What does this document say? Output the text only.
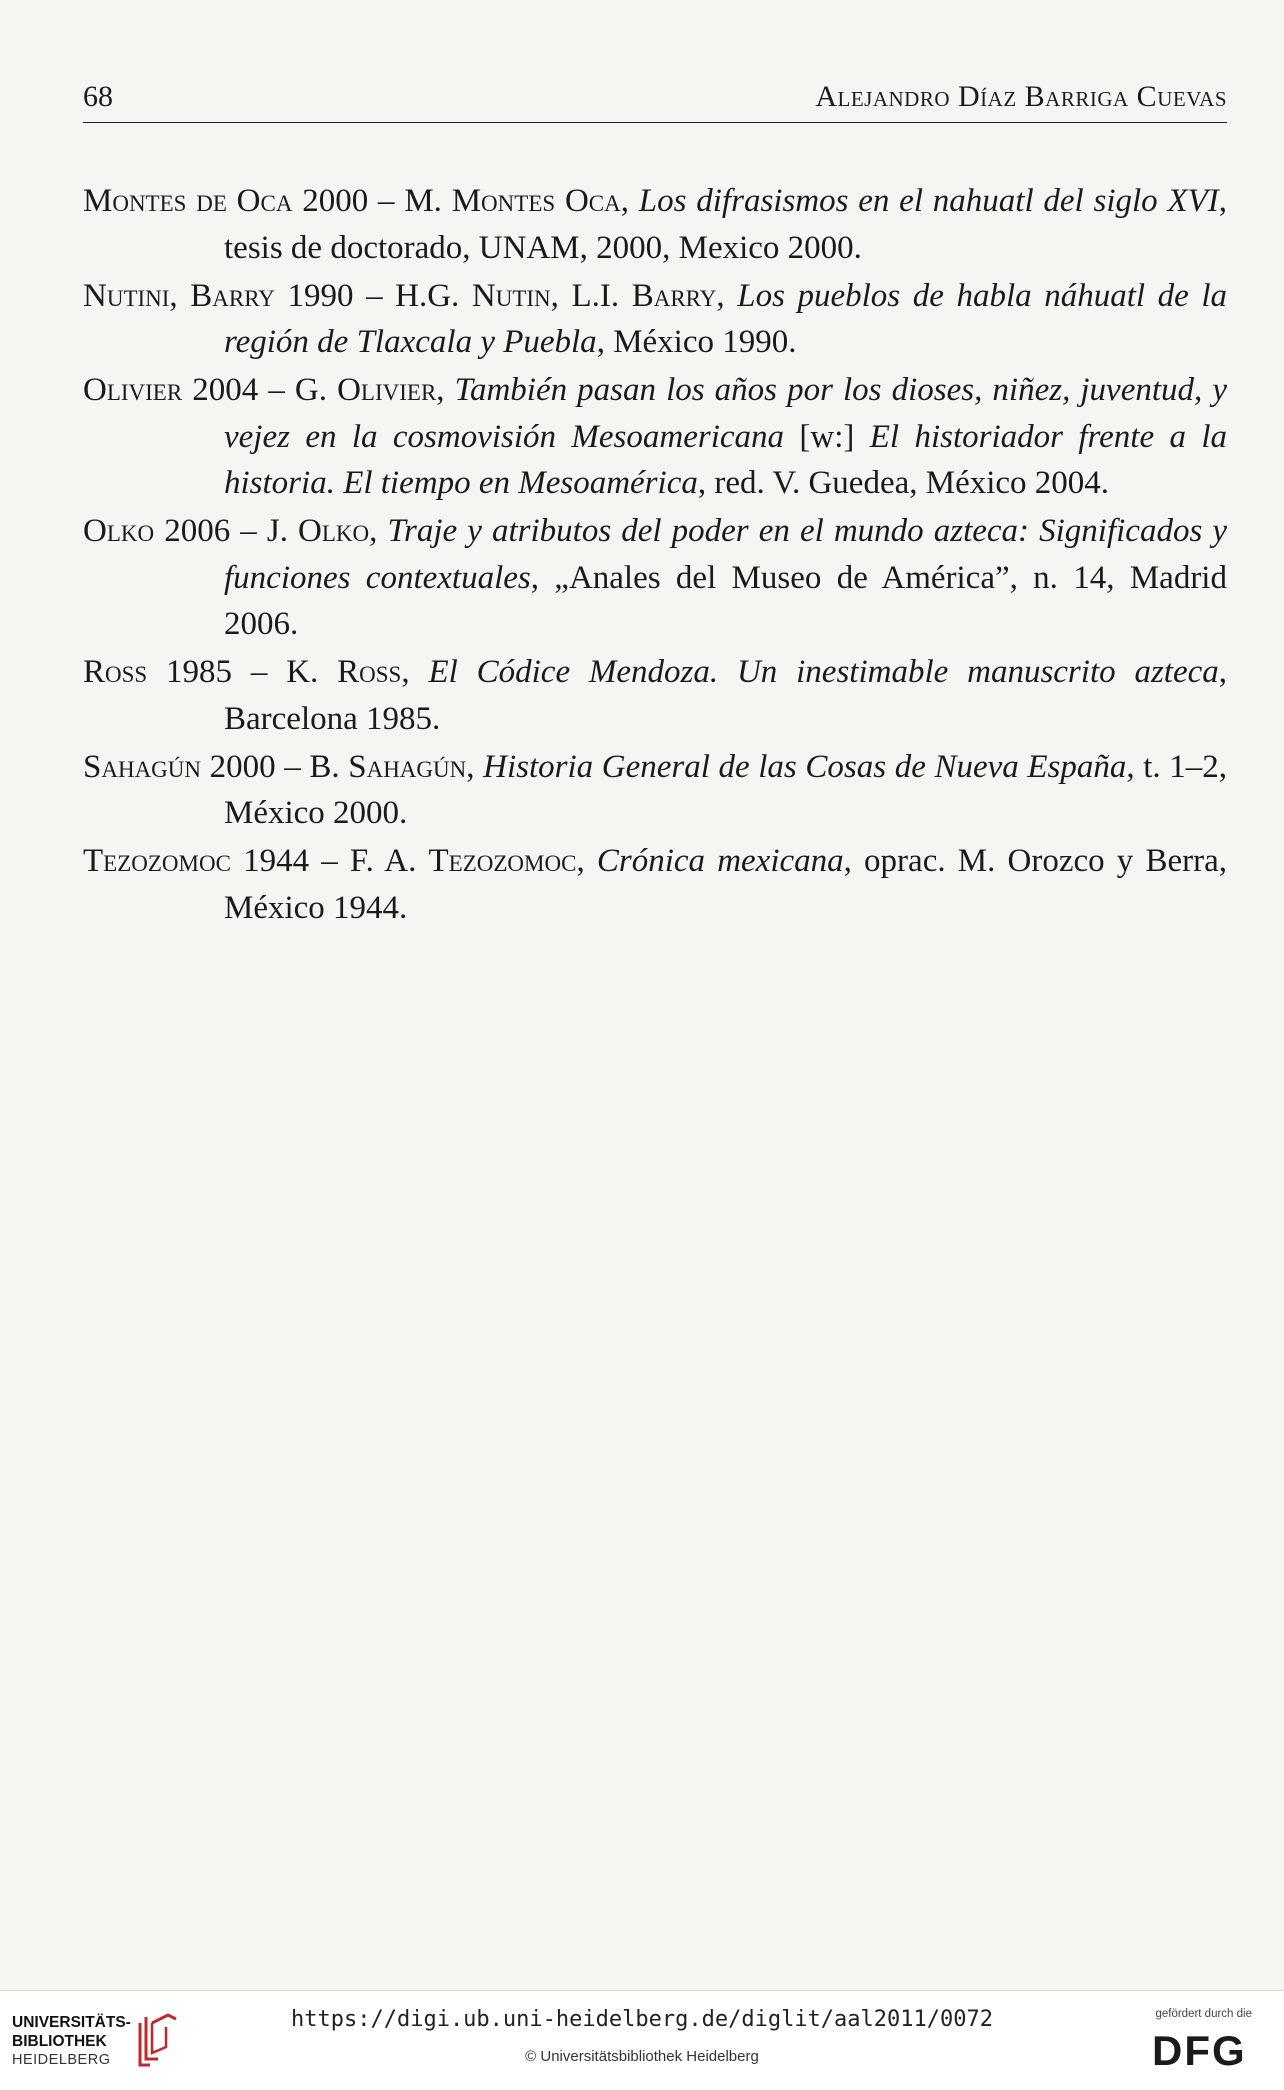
68	Alejandro Díaz Barriga Cuevas

Montes de Oca 2000 – M. Montes Oca, Los difrasismos en el nahuatl del siglo XVI, tesis de doctorado, UNAM, 2000, Mexico 2000.

Nutini, Barry 1990 – H.G. Nutin, L.I. Barry, Los pueblos de habla náhuatl de la región de Tlaxcala y Puebla, México 1990.

Olivier 2004 – G. Olivier, También pasan los años por los dioses, niñez, juventud, y vejez en la cosmovisión Mesoamericana [w:] El historiador frente a la historia. El tiempo en Mesoamérica, red. V. Guedea, México 2004.

Olko 2006 – J. Olko, Traje y atributos del poder en el mundo azteca: Significados y funciones contextuales, „Anales del Museo de América”, n. 14, Madrid 2006.

Ross 1985 – K. Ross, El Códice Mendoza. Un inestimable manuscrito azteca, Barcelona 1985.

Sahagún 2000 – B. Sahagún, Historia General de las Cosas de Nueva España, t. 1–2, México 2000.

Tezozomoc 1944 – F. A. Tezozomoc, Crónica mexicana, oprac. M. Orozco y Berra, México 1944.

UNIVERSITÄTS-
BIBLIOTHEK
HEIDELBERG
https://digi.ub.uni-heidelberg.de/diglit/aal2011/0072
© Universitätsbibliothek Heidelberg
gefördert durch die
DFG
